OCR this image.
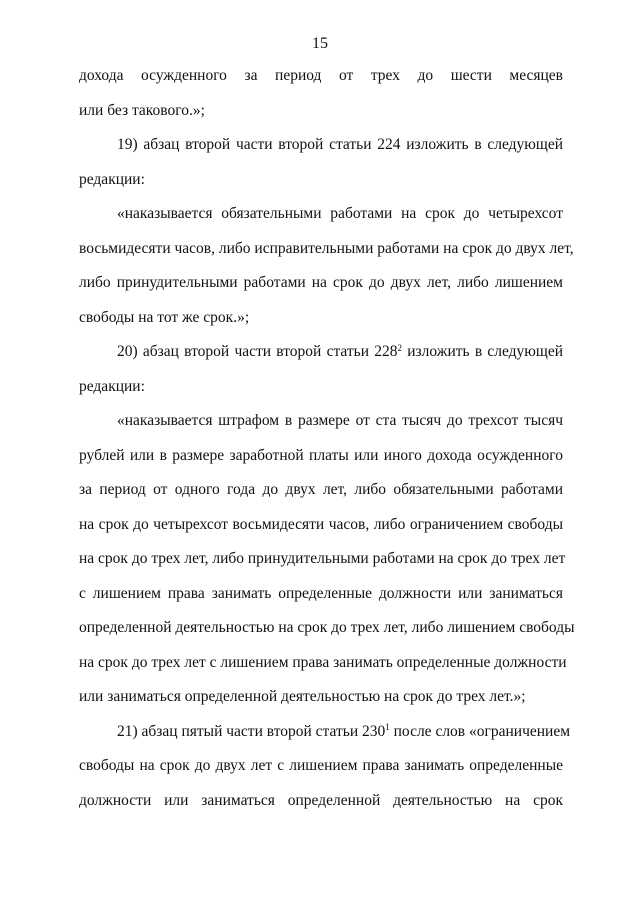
15
дохода осужденного за период от трех до шести месяцев
или без такового.»;
19) абзац второй части второй статьи 224 изложить в следующей
редакции:
«наказывается обязательными работами на срок до четырехсот
восьмидесяти часов, либо исправительными работами на срок до двух лет,
либо принудительными работами на срок до двух лет, либо лишением
свободы на тот же срок.»;
20) абзац второй части второй статьи $228^2$ изложить в следующей
редакции:
«наказывается штрафом в размере от ста тысяч до трехсот тысяч
рублей или в размере заработной платы или иного дохода осужденного
за период от одного года до двух лет, либо обязательными работами
на срок до четырехсот восьмидесяти часов, либо ограничением свободы
на срок до трех лет, либо принудительными работами на срок до трех лет
с лишением права занимать определенные должности или заниматься
определенной деятельностью на срок до трех лет, либо лишением свободы
на срок до трех лет с лишением права занимать определенные должности
или заниматься определенной деятельностью на срок до трех лет.»;
21) абзац пятый части второй статьи $230^1$ после слов «ограничением
свободы на срок до двух лет с лишением права занимать определенные
должности или заниматься определенной деятельностью на срок
